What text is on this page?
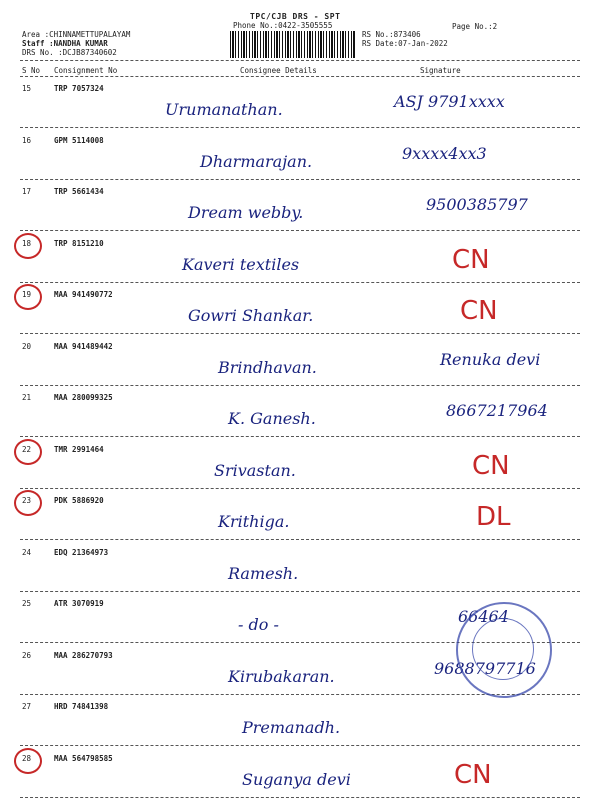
TPC/CJB DRS - SPT
Phone No.:0422-3505555	Page No.:2
Area :CHINNAMETTUPALAYAM
Staff :NANDHA KUMAR
DRS No. :DCJB87340602
RS No.:873406
RS Date:07-Jan-2022
S No Consignment No	Consignee Details	Signature
15	TRP 7057324
Urumanathan.	ASJ 9791xxxx
16	GPM 5114008
Dharmarajan.	9xxxx4xx3
17	TRP 5661434
Dream webby.	9500385797
18	TRP 8151210
Kaveri textiles	CN
19	MAA 941490772
Gowri Shankar.	CN
20	MAA 941489442
Brindhavan.	Renuka devi
21	MAA 280099325
K. Ganesh.	8667217964
22	TMR 2991464
Srivastan.	CN
23	PDK 5886920
Krithiga.	DL
24	EDQ 21364973
Ramesh.
25	ATR 3070919
- do -	66464
26	MAA 286270793
Kirubakaran.	9688797716
27	HRD 74841398
Premanadh.
28	MAA 564798585
Suganya devi	CN
